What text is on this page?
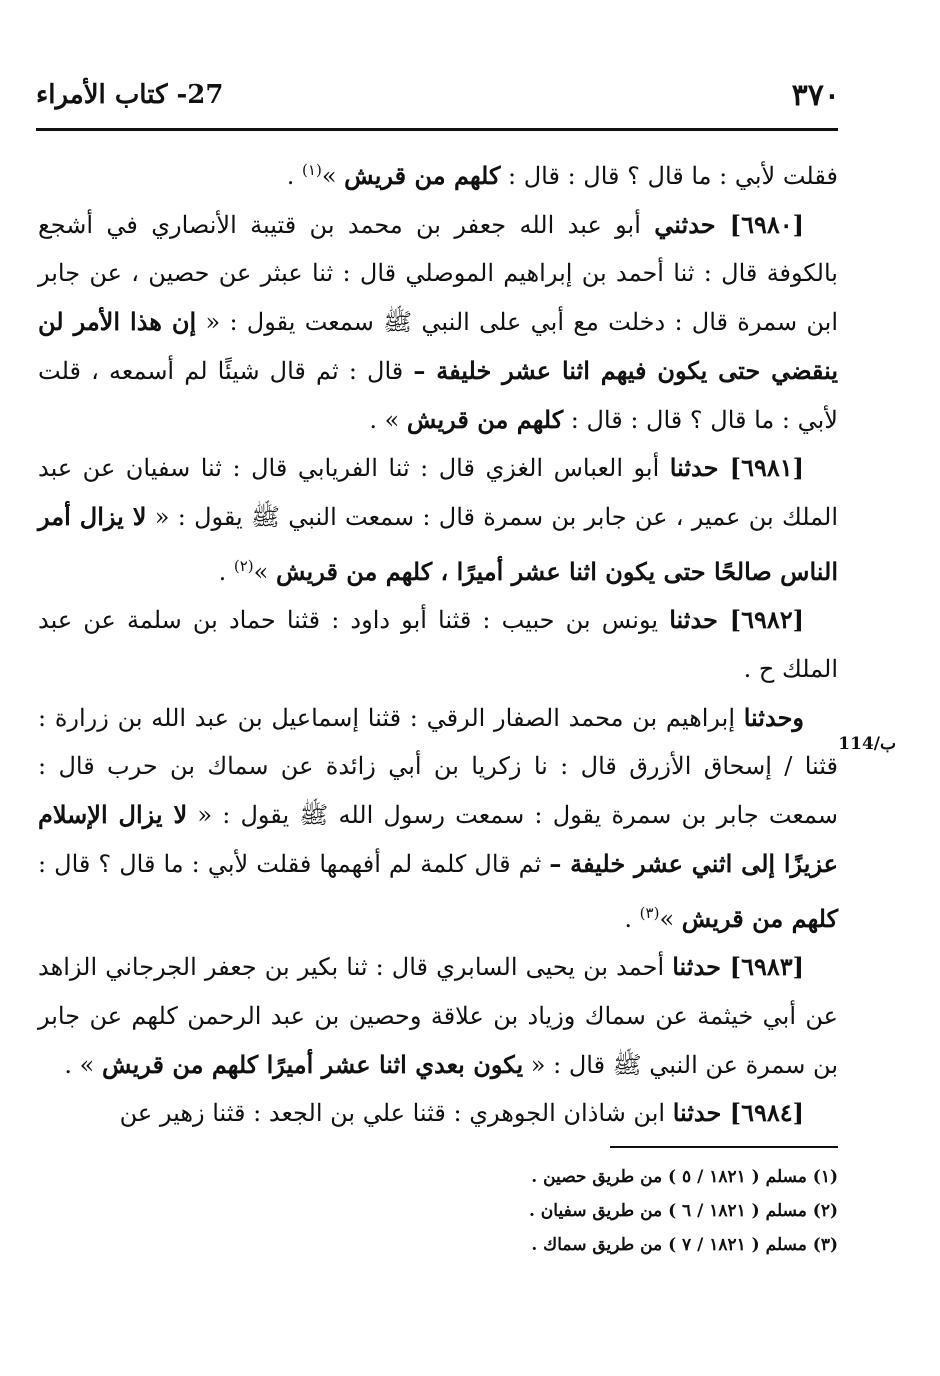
٣٧٠
27- كتاب الأمراء

فقلت لأبي : ما قال ؟ قال : قال : كلهم من قريش »$^{(١)}$ .

[٦٩٨٠] حدثني أبو عبد الله جعفر بن محمد بن قتيبة الأنصاري في أشجع بالكوفة قال : ثنا أحمد بن إبراهيم الموصلي قال : ثنا عبثر عن حصين ، عن جابر ابن سمرة قال : دخلت مع أبي على النبي ﷺ سمعت يقول : « إن هذا الأمر لن ينقضي حتى يكون فيهم اثنا عشر خليفة – قال : ثم قال شيئًا لم أسمعه ، قلت لأبي : ما قال ؟ قال : قال : كلهم من قريش » .

[٦٩٨١] حدثنا أبو العباس الغزي قال : ثنا الفريابي قال : ثنا سفيان عن عبد الملك بن عمير ، عن جابر بن سمرة قال : سمعت النبي ﷺ يقول : « لا يزال أمر الناس صالحًا حتى يكون اثنا عشر أميرًا ، كلهم من قريش »$^{(٢)}$ .

[٦٩٨٢] حدثنا يونس بن حبيب : قثنا أبو داود : قثنا حماد بن سلمة عن عبد الملك ح .

وحدثنا إبراهيم بن محمد الصفار الرقي : قثنا إسماعيل بن عبد الله بن زرارة : قثنا / إسحاق الأزرق قال : نا زكريا بن أبي زائدة عن سماك بن حرب قال : سمعت جابر بن سمرة يقول : سمعت رسول الله ﷺ يقول : « لا يزال الإسلام عزيزًا إلى اثني عشر خليفة – ثم قال كلمة لم أفهمها فقلت لأبي : ما قال ؟ قال : كلهم من قريش »$^{(٣)}$ .

[٦٩٨٣] حدثنا أحمد بن يحيى السابري قال : ثنا بكير بن جعفر الجرجاني الزاهد عن أبي خيثمة عن سماك وزياد بن علاقة وحصين بن عبد الرحمن كلهم عن جابر بن سمرة عن النبي ﷺ قال : « يكون بعدي اثنا عشر أميرًا كلهم من قريش » .

[٦٩٨٤] حدثنا ابن شاذان الجوهري : قثنا علي بن الجعد : قثنا زهير عن

114/ب
(١) مسلم ( ١٨٢١ / ٥ ) من طريق حصين .
(٢) مسلم ( ١٨٢١ / ٦ ) من طريق سفيان .
(٣) مسلم ( ١٨٢١ / ٧ ) من طريق سماك .
